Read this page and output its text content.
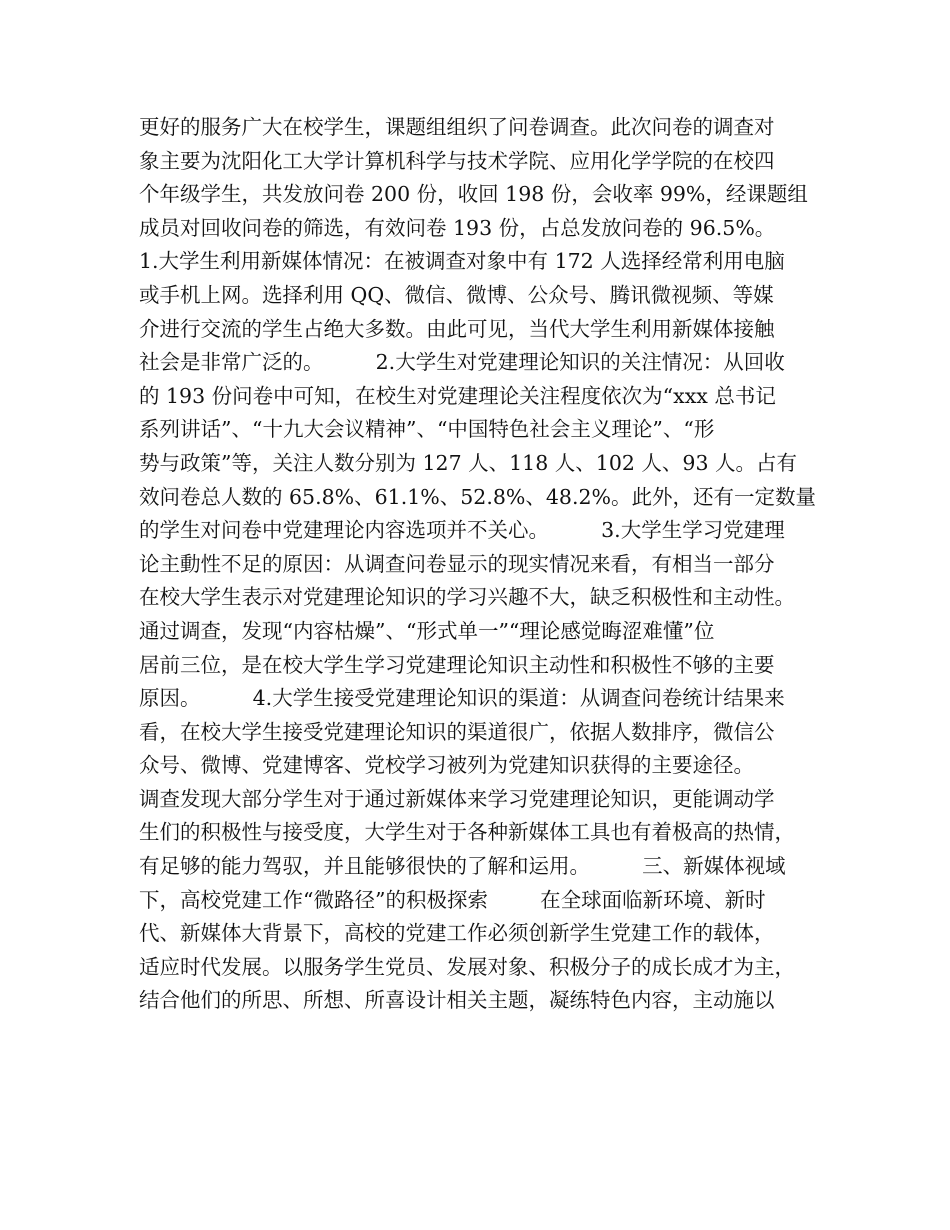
更好的服务广大在校学生，课题组组织了问卷调查。此次问卷的调查对
象主要为沈阳化工大学计算机科学与技术学院、应用化学学院的在校四
个年级学生，共发放问卷 200 份，收回 198 份，会收率 99%，经课题组
成员对回收问卷的筛选，有效问卷 193 份，占总发放问卷的 96.5%。
1.大学生利用新媒体情况：在被调查对象中有 172 人选择经常利用电脑
或手机上网。选择利用 QQ、微信、微博、公众号、腾讯微视频、等媒
介进行交流的学生占绝大多数。由此可见，当代大学生利用新媒体接触
社会是非常广泛的。        2.大学生对党建理论知识的关注情况：从回收
的 193 份问卷中可知，在校生对党建理论关注程度依次为“xxx 总书记
系列讲话”、“十九大会议精神”、“中国特色社会主义理论”、“形
势与政策”等，关注人数分别为 127 人、118 人、102 人、93 人。占有
效问卷总人数的 65.8%、61.1%、52.8%、48.2%。此外，还有一定数量
的学生对问卷中党建理论内容选项并不关心。        3.大学生学习党建理
论主動性不足的原因：从调查问卷显示的现实情况来看，有相当一部分
在校大学生表示对党建理论知识的学习兴趣不大，缺乏积极性和主动性。
通过调查，发现“内容枯燥”、“形式单一”“理论感觉晦涩难懂”位
居前三位，是在校大学生学习党建理论知识主动性和积极性不够的主要
原因。        4.大学生接受党建理论知识的渠道：从调查问卷统计结果来
看，在校大学生接受党建理论知识的渠道很广，依据人数排序，微信公
众号、微博、党建博客、党校学习被列为党建知识获得的主要途径。
调查发现大部分学生对于通过新媒体来学习党建理论知识，更能调动学
生们的积极性与接受度，大学生对于各种新媒体工具也有着极高的热情，
有足够的能力驾驭，并且能够很快的了解和运用。        三、新媒体视域
下，高校党建工作“微路径”的积极探索        在全球面临新环境、新时
代、新媒体大背景下，高校的党建工作必须创新学生党建工作的载体，
适应时代发展。以服务学生党员、发展对象、积极分子的成长成才为主，
结合他们的所思、所想、所喜设计相关主题，凝练特色内容，主动施以
